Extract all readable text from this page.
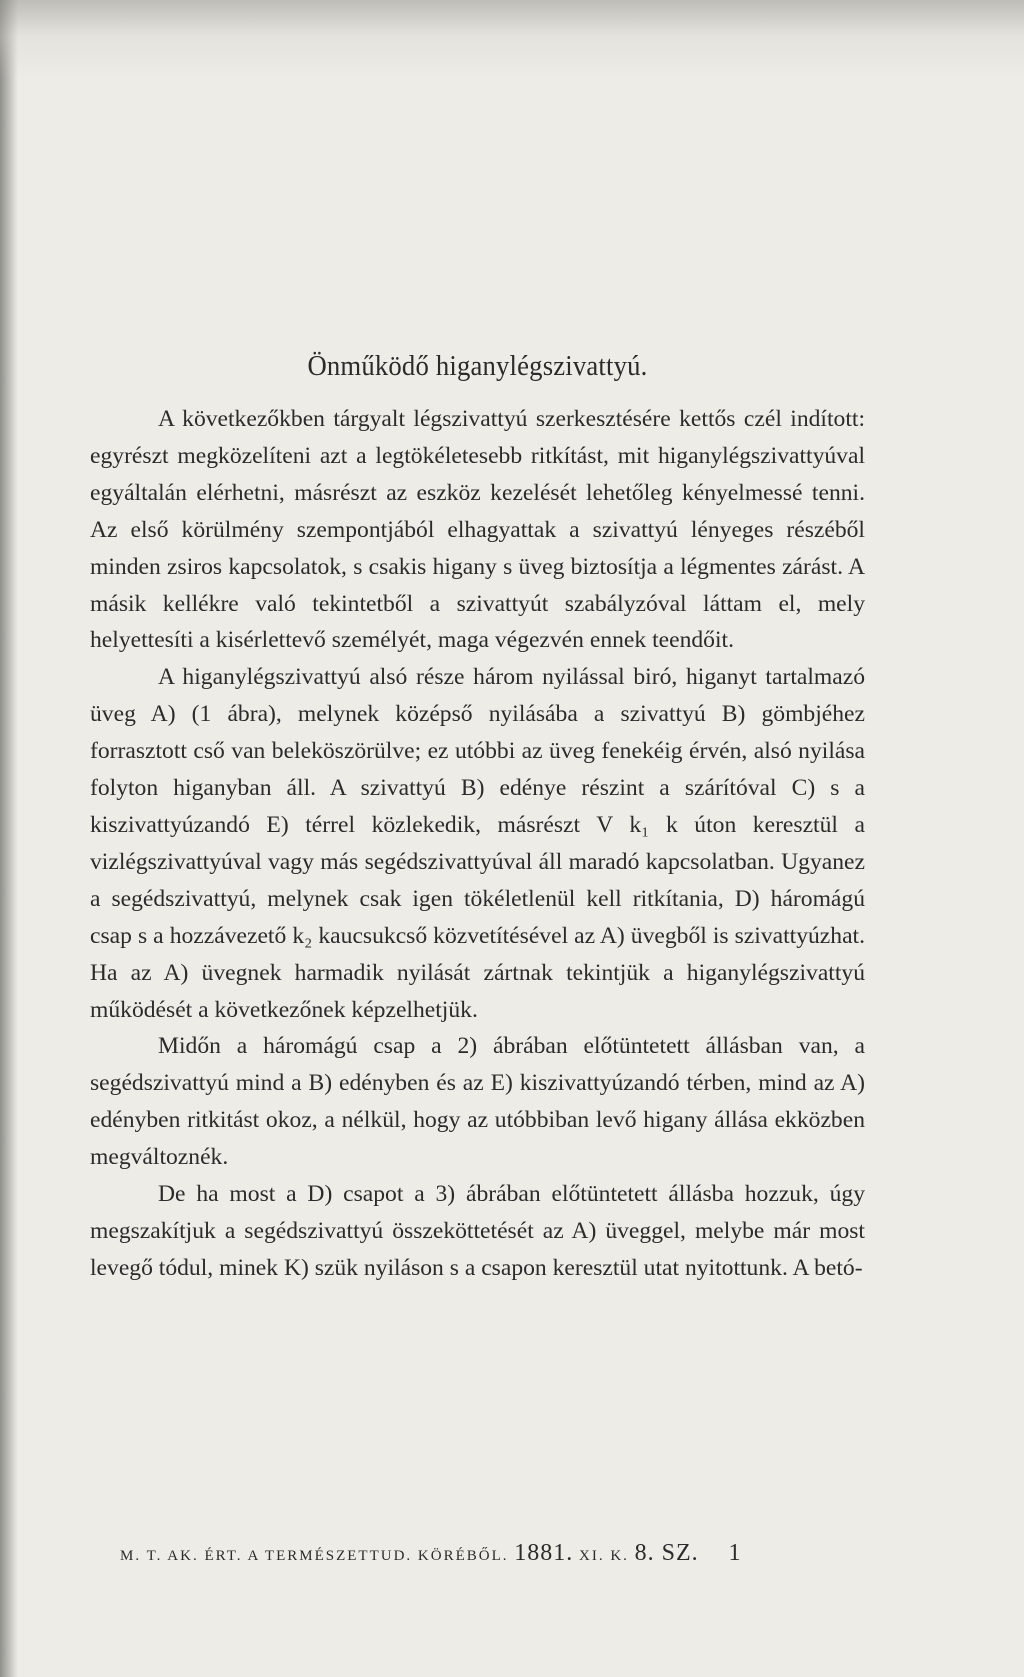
Önműködő higanylégszivattyú.

A következőkben tárgyalt légszivattyú szerkesztésére kettős czél indított: egyrészt megközelíteni azt a legtökéletesebb ritkítást, mit higanylégszivattyúval egyáltalán elérhetni, másrészt az eszköz kezelését lehetőleg kényelmessé tenni. Az első körülmény szempontjából elhagyattak a szivattyú lényeges részéből minden zsiros kapcsolatok, s csakis higany s üveg biztosítja a légmentes zárást. A másik kellékre való tekintetből a szivattyút szabályzóval láttam el, mely helyettesíti a kisérlettevő személyét, maga végezvén ennek teendőit.

A higanylégszivattyú alsó része három nyilással biró, higanyt tartalmazó üveg A) (1 ábra), melynek középső nyilásába a szivattyú B) gömbjéhez forrasztott cső van beleköszörülve; ez utóbbi az üveg fenekéig érvén, alsó nyilása folyton higanyban áll. A szivattyú B) edénye részint a szárítóval C) s a kiszivattyúzandó E) térrel közlekedik, másrészt V k₁ k úton keresztül a vizlégszivattyúval vagy más segédszivattyúval áll maradó kapcsolatban. Ugyanez a segédszivattyú, melynek csak igen tökéletlenül kell ritkítania, D) háromágú csap s a hozzávezető k₂ kaucsukcső közvetítésével az A) üvegből is szivattyúzhat. Ha az A) üvegnek harmadik nyilását zártnak tekintjük a higanylégszivattyú működését a következőnek képzelhetjük.

Midőn a háromágú csap a 2) ábrában előtüntetett állásban van, a segédszivattyú mind a B) edényben és az E) kiszivattyúzandó térben, mind az A) edényben ritkitást okoz, a nélkül, hogy az utóbbiban levő higany állása ekközben megváltoznék.

De ha most a D) csapot a 3) ábrában előtüntetett állásba hozzuk, úgy megszakítjuk a segédszivattyú összeköttetését az A) üveggel, melybe már most levegő tódul, minek K) szük nyiláson s a csapon keresztül utat nyitottunk. A betó-

M. T. AK. ÉRT. A TERMÉSZETTUD. KÖRÉBŐL. 1881. XI. K. 8. SZ. 1
